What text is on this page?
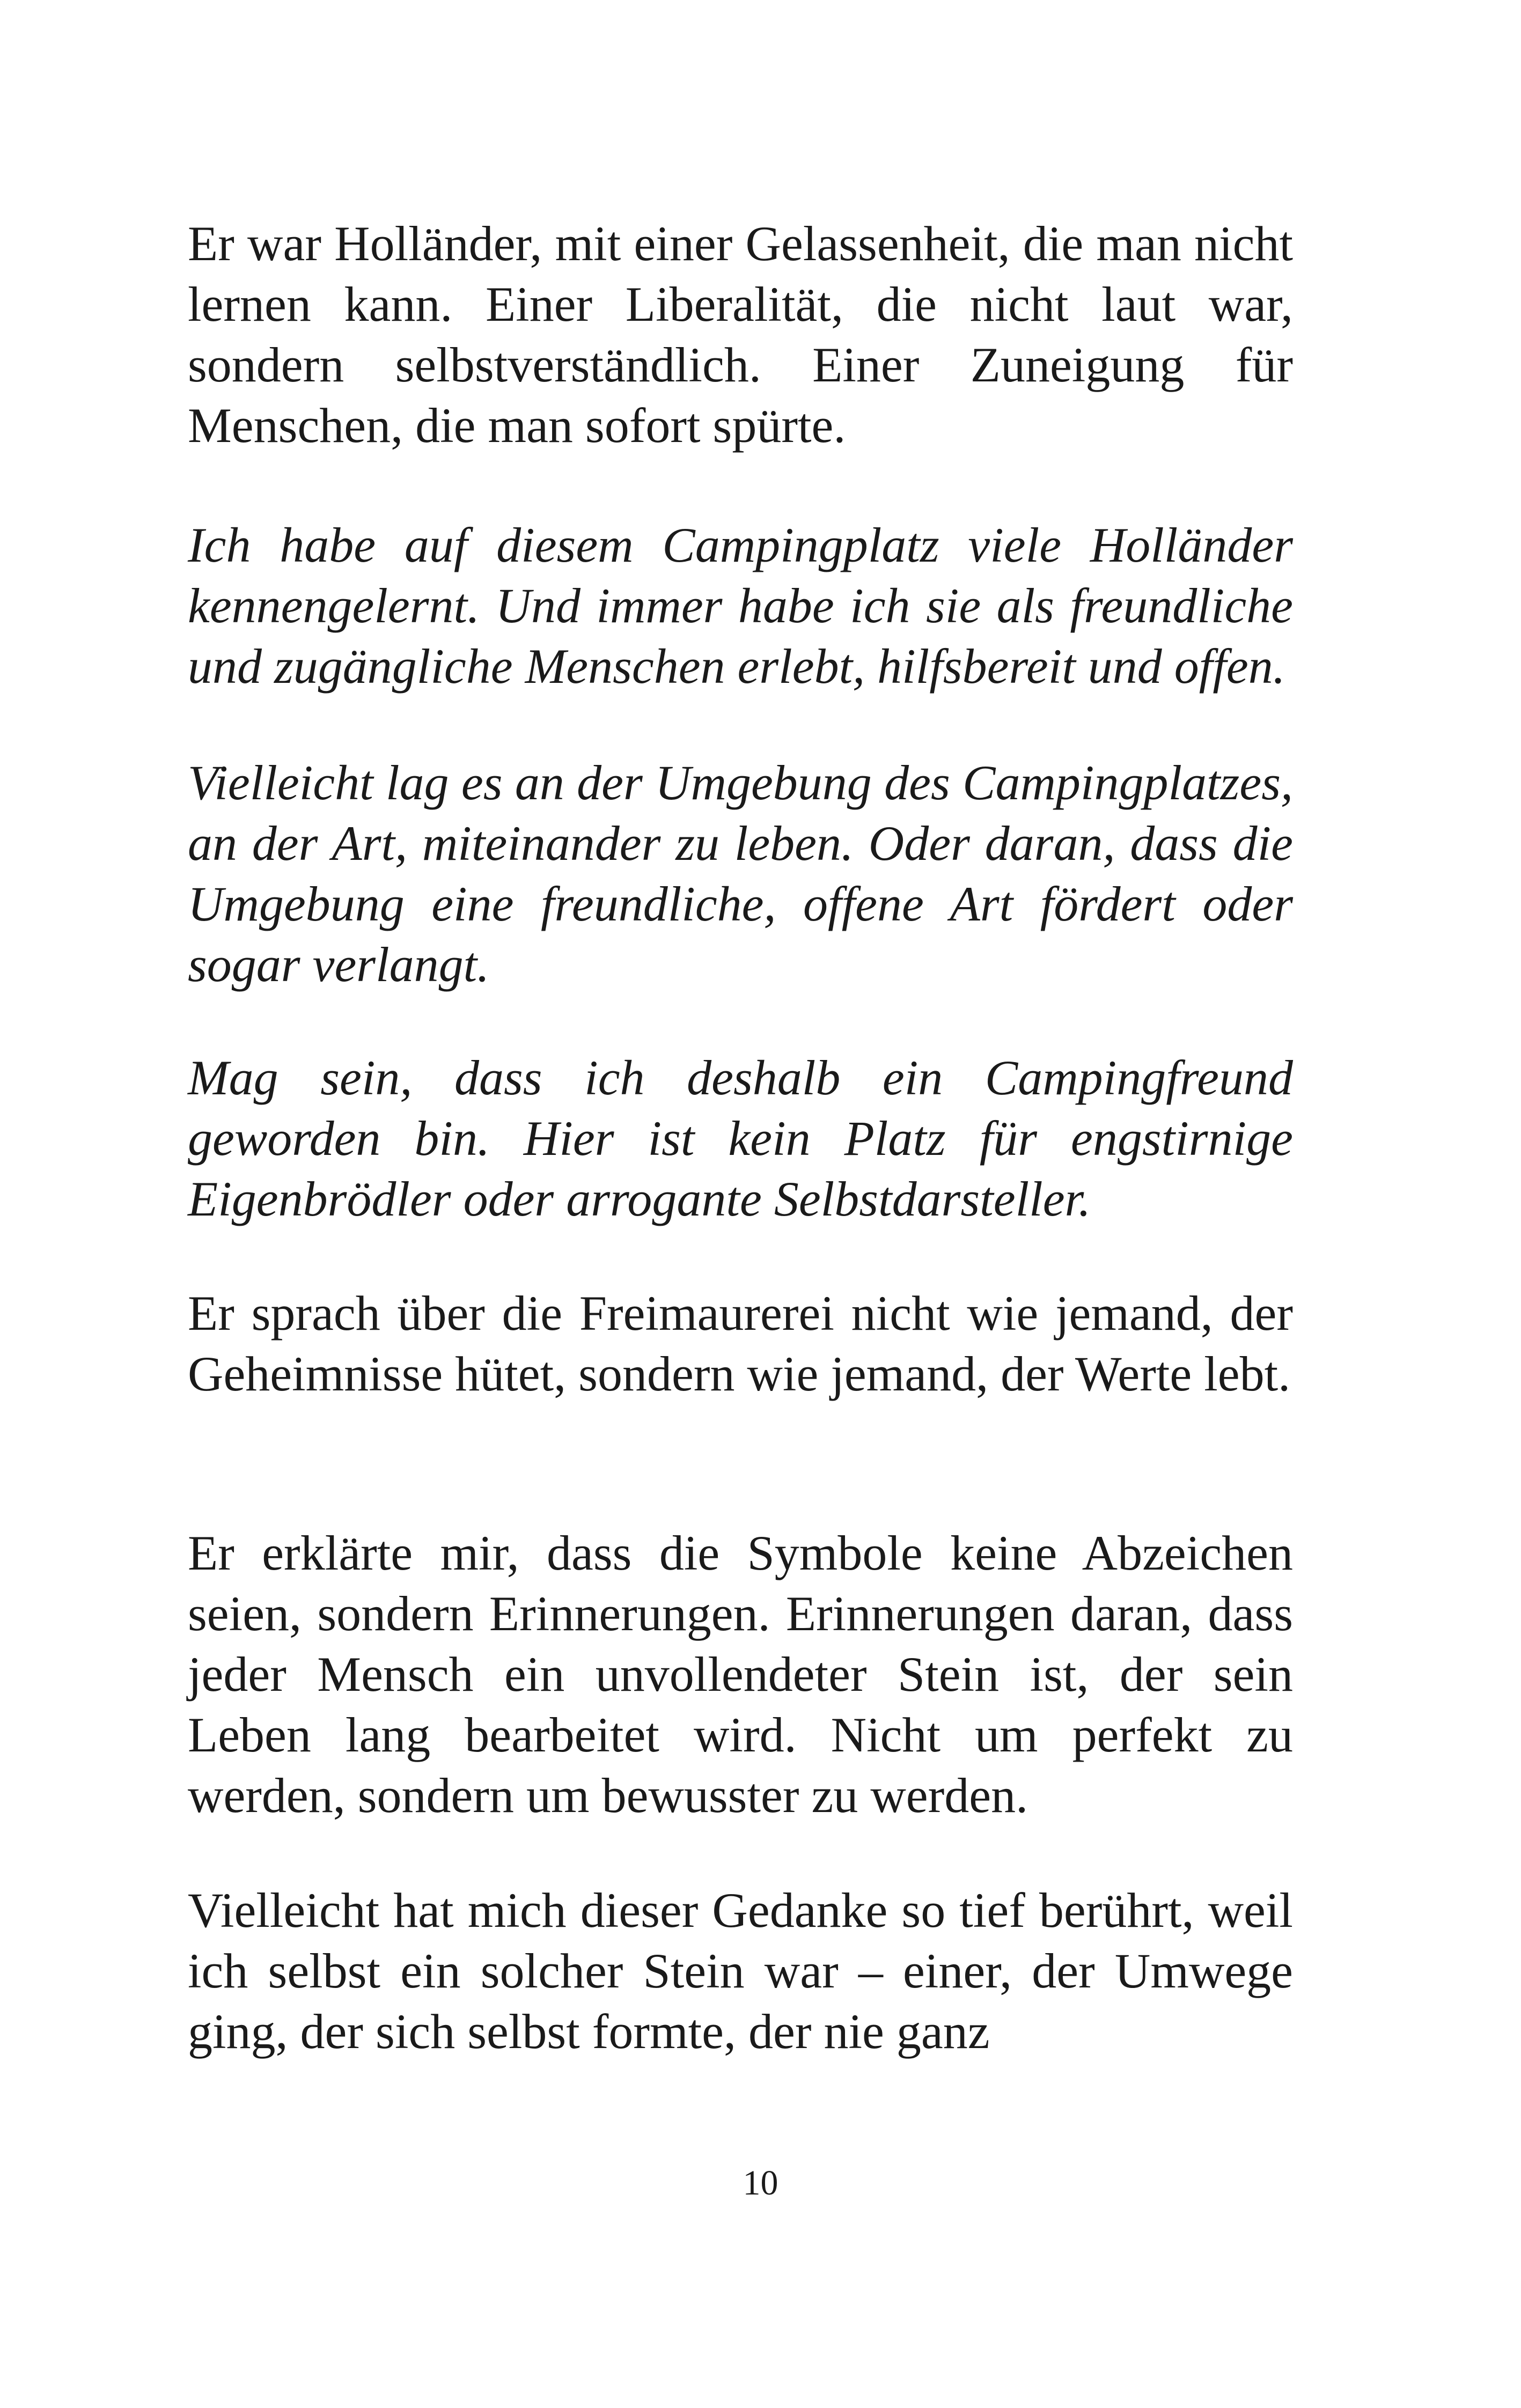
Er war Holländer, mit einer Gelassenheit, die man nicht lernen kann. Einer Liberalität, die nicht laut war, sondern selbstverständlich. Einer Zuneigung für Menschen, die man sofort spürte.

Ich habe auf diesem Campingplatz viele Holländer kennengelernt. Und immer habe ich sie als freundliche und zugängliche Menschen erlebt, hilfsbereit und offen.

Vielleicht lag es an der Umgebung des Campingplatzes, an der Art, miteinander zu leben. Oder daran, dass die Umgebung eine freundliche, offene Art fördert oder sogar verlangt.

Mag sein, dass ich deshalb ein Campingfreund geworden bin. Hier ist kein Platz für engstirnige Eigenbrödler oder arrogante Selbstdarsteller.

Er sprach über die Freimaurerei nicht wie jemand, der Geheimnisse hütet, sondern wie jemand, der Werte lebt.

Er erklärte mir, dass die Symbole keine Abzeichen seien, sondern Erinnerungen. Erinnerungen daran, dass jeder Mensch ein unvollendeter Stein ist, der sein Leben lang bearbeitet wird. Nicht um perfekt zu werden, sondern um bewusster zu werden.

Vielleicht hat mich dieser Gedanke so tief berührt, weil ich selbst ein solcher Stein war – einer, der Umwege ging, der sich selbst formte, der nie ganz

10
